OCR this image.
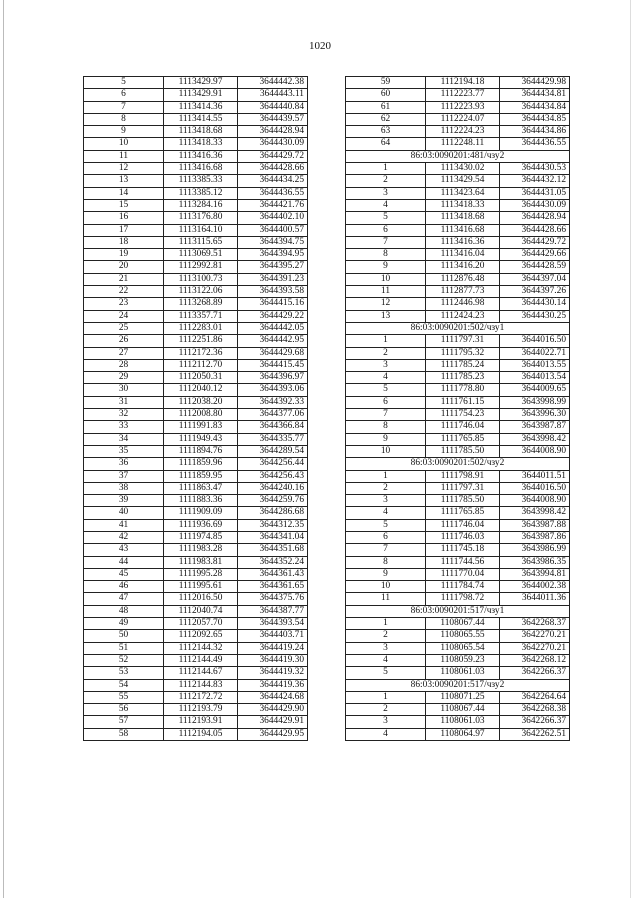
1020
5	1113429.97	3644442.38
6	1113429.91	3644443.11
7	1113414.36	3644440.84
8	1113414.55	3644439.57
9	1113418.68	3644428.94
10	1113418.33	3644430.09
11	1113416.36	3644429.72
12	1113416.68	3644428.66
13	1113385.33	3644434.25
14	1113385.12	3644436.55
15	1113284.16	3644421.76
16	1113176.80	3644402.10
17	1113164.10	3644400.57
18	1113115.65	3644394.75
19	1113069.51	3644394.95
20	1112992.81	3644395.27
21	1113100.73	3644391.23
22	1113122.06	3644393.58
23	1113268.89	3644415.16
24	1113357.71	3644429.22
25	1112283.01	3644442.05
26	1112251.86	3644442.95
27	1112172.36	3644429.68
28	1112112.70	3644415.45
29	1112050.31	3644396.97
30	1112040.12	3644393.06
31	1112038.20	3644392.33
32	1112008.80	3644377.06
33	1111991.83	3644366.84
34	1111949.43	3644335.77
35	1111894.76	3644289.54
36	1111859.96	3644256.44
37	1111859.95	3644256.43
38	1111863.47	3644240.16
39	1111883.36	3644259.76
40	1111909.09	3644286.68
41	1111936.69	3644312.35
42	1111974.85	3644341.04
43	1111983.28	3644351.68
44	1111983.81	3644352.24
45	1111995.28	3644361.43
46	1111995.61	3644361.65
47	1112016.50	3644375.76
48	1112040.74	3644387.77
49	1112057.70	3644393.54
50	1112092.65	3644403.71
51	1112144.32	3644419.24
52	1112144.49	3644419.30
53	1112144.67	3644419.32
54	1112144.83	3644419.36
55	1112172.72	3644424.68
56	1112193.79	3644429.90
57	1112193.91	3644429.91
58	1112194.05	3644429.95
59	1112194.18	3644429.98
60	1112223.77	3644434.81
61	1112223.93	3644434.84
62	1112224.07	3644434.85
63	1112224.23	3644434.86
64	1112248.11	3644436.55
86:03:0090201:481/чзу2		
1	1113430.02	3644430.53
2	1113429.54	3644432.12
3	1113423.64	3644431.05
4	1113418.33	3644430.09
5	1113418.68	3644428.94
6	1113416.68	3644428.66
7	1113416.36	3644429.72
8	1113416.04	3644429.66
9	1113416.20	3644428.59
10	1112876.48	3644397.04
11	1112877.73	3644397.26
12	1112446.98	3644430.14
13	1112424.23	3644430.25
86:03:0090201:502/чзу1		
1	1111797.31	3644016.50
2	1111795.32	3644022.71
3	1111785.24	3644013.55
4	1111785.23	3644013.54
5	1111778.80	3644009.65
6	1111761.15	3643998.99
7	1111754.23	3643996.30
8	1111746.04	3643987.87
9	1111765.85	3643998.42
10	1111785.50	3644008.90
86:03:0090201:502/чзу2		
1	1111798.91	3644011.51
2	1111797.31	3644016.50
3	1111785.50	3644008.90
4	1111765.85	3643998.42
5	1111746.04	3643987.88
6	1111746.03	3643987.86
7	1111745.18	3643986.99
8	1111744.56	3643986.35
9	1111770.04	3643994.81
10	1111784.74	3644002.38
11	1111798.72	3644011.36
86:03:0090201:517/чзу1		
1	1108067.44	3642268.37
2	1108065.55	3642270.21
3	1108065.54	3642270.21
4	1108059.23	3642268.12
5	1108061.03	3642266.37
86:03:0090201:517/чзу2		
1	1108071.25	3642264.64
2	1108067.44	3642268.38
3	1108061.03	3642266.37
4	1108064.97	3642262.51
